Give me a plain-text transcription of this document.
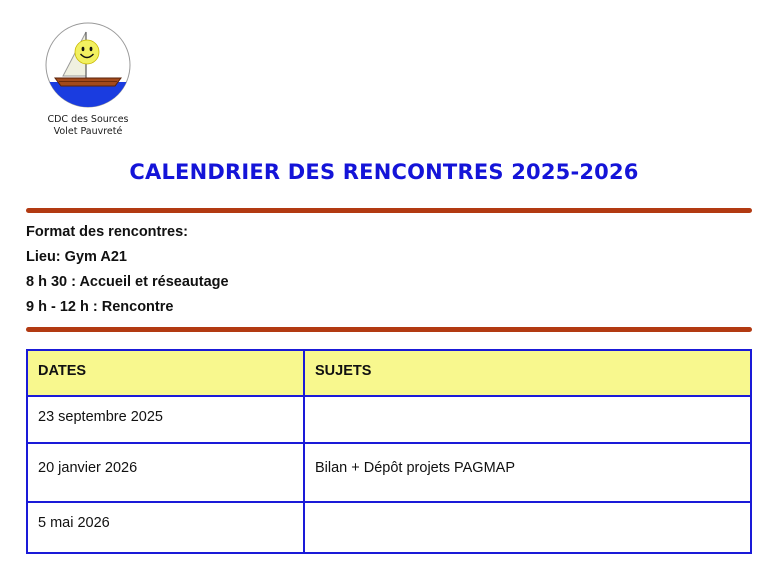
CDC des Sources
Volet Pauvreté
CALENDRIER DES RENCONTRES 2025-2026
Format des rencontres:
Lieu: Gym A21
8 h 30 : Accueil et réseautage
9 h - 12 h : Rencontre
DATES	SUJETS
23 septembre 2025	
20 janvier 2026	Bilan + Dépôt projets PAGMAP
5 mai 2026	
